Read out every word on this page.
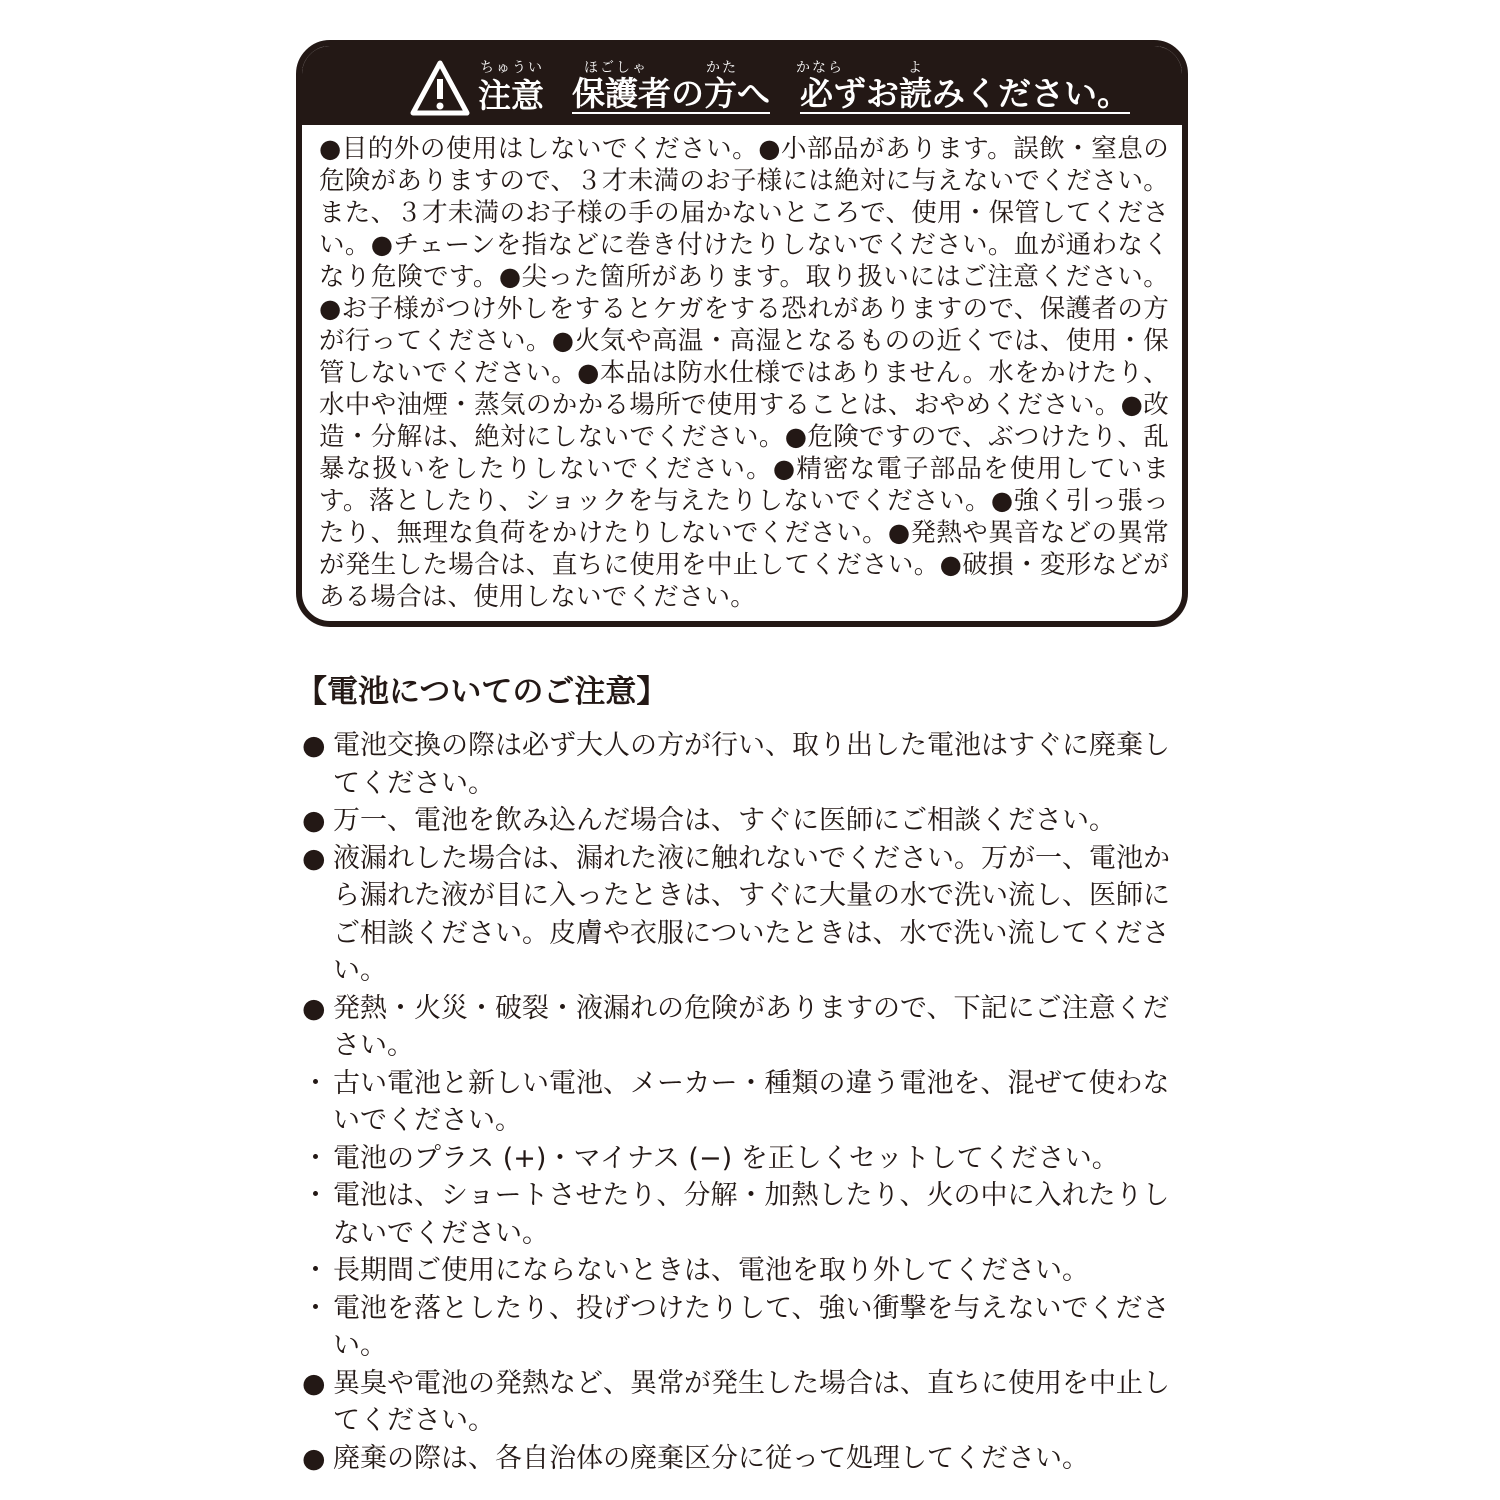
ちゅうい	ほごしゃ	かた	かなら	よ
注意 保護者の方へ 必ずお読みください。
●目的外の使用はしないでください。●小部品があります。誤飲・窒息の危険がありますので、３才未満のお子様には絶対に与えないでください。また、３才未満のお子様の手の届かないところで、使用・保管してください。●チェーンを指などに巻き付けたりしないでください。血が通わなくなり危険です。●尖った箇所があります。取り扱いにはご注意ください。●お子様がつけ外しをするとケガをする恐れがありますので、保護者の方が行ってください。●火気や高温・高湿となるものの近くでは、使用・保管しないでください。●本品は防水仕様ではありません。水をかけたり、水中や油煙・蒸気のかかる場所で使用することは、おやめください。●改造・分解は、絶対にしないでください。●危険ですので、ぶつけたり、乱暴な扱いをしたりしないでください。●精密な電子部品を使用しています。落としたり、ショックを与えたりしないでください。●強く引っ張ったり、無理な負荷をかけたりしないでください。●発熱や異音などの異常が発生した場合は、直ちに使用を中止してください。●破損・変形などがある場合は、使用しないでください。
【電池についてのご注意】
● 電池交換の際は必ず大人の方が行い、取り出した電池はすぐに廃棄してください。
● 万一、電池を飲み込んだ場合は、すぐに医師にご相談ください。
● 液漏れした場合は、漏れた液に触れないでください。万が一、電池から漏れた液が目に入ったときは、すぐに大量の水で洗い流し、医師にご相談ください。皮膚や衣服についたときは、水で洗い流してください。
● 発熱・火災・破裂・液漏れの危険がありますので、下記にご注意ください。
・ 古い電池と新しい電池、メーカー・種類の違う電池を、混ぜて使わないでください。
・ 電池のプラス (+)・マイナス (−) を正しくセットしてください。
・ 電池は、ショートさせたり、分解・加熱したり、火の中に入れたりしないでください。
・ 長期間ご使用にならないときは、電池を取り外してください。
・ 電池を落としたり、投げつけたりして、強い衝撃を与えないでください。
● 異臭や電池の発熱など、異常が発生した場合は、直ちに使用を中止してください。
● 廃棄の際は、各自治体の廃棄区分に従って処理してください。
